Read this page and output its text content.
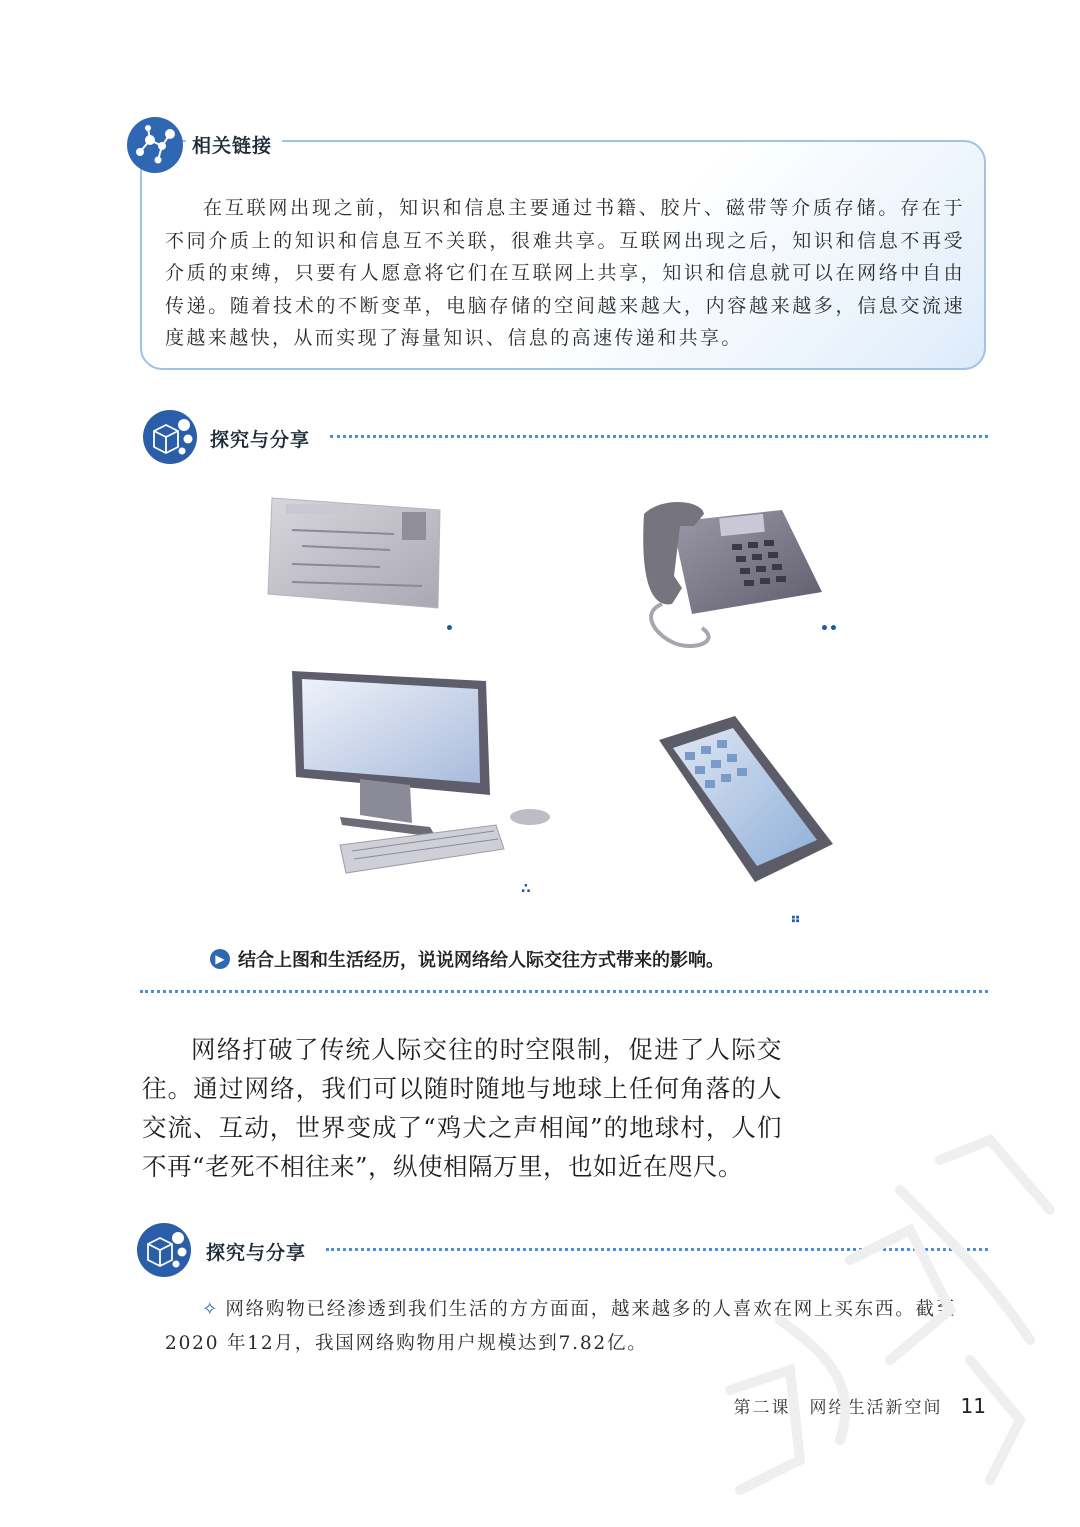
相关链接

在互联网出现之前，知识和信息主要通过书籍、胶片、磁带等介质存储。存在于不同介质上的知识和信息互不关联，很难共享。互联网出现之后，知识和信息不再受介质的束缚，只要有人愿意将它们在互联网上共享，知识和信息就可以在网络中自由传递。随着技术的不断变革，电脑存储的空间越来越大，内容越来越多，信息交流速度越来越快，从而实现了海量知识、信息的高速传递和共享。

探究与分享
•	••
∴
⠶
▶ 结合上图和生活经历，说说网络给人际交往方式带来的影响。

网络打破了传统人际交往的时空限制，促进了人际交往。通过网络，我们可以随时随地与地球上任何角落的人交流、互动，世界变成了“鸡犬之声相闻”的地球村，人们不再“老死不相往来”，纵使相隔万里，也如近在咫尺。

探究与分享

✧ 网络购物已经渗透到我们生活的方方面面，越来越多的人喜欢在网上买东西。截至2020 年12月，我国网络购物用户规模达到7.82亿。

第二课　网络生活新空间 11
